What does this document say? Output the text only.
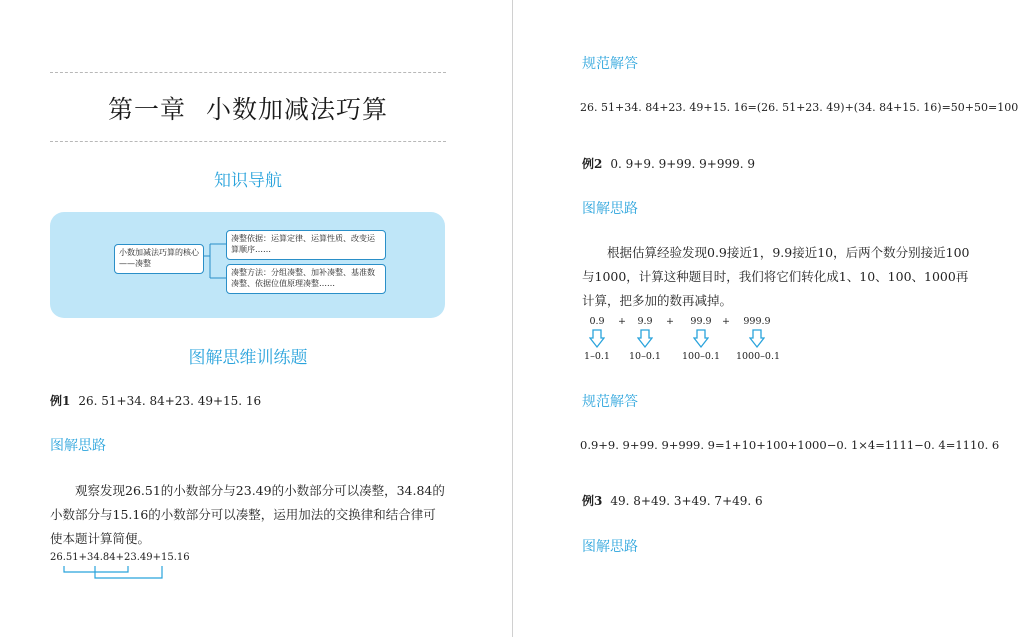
第一章 小数加减法巧算
知识导航
小数加减法巧算的核心——凑整
凑整依据：运算定律、运算性质、改变运算顺序……
凑整方法：分组凑整、加补凑整、基准数凑整、依据位值原理凑整……
图解思维训练题
例1 26. 51+34. 84+23. 49+15. 16
图解思路
观察发现26.51的小数部分与23.49的小数部分可以凑整，34.84的小数部分与15.16的小数部分可以凑整，运用加法的交换律和结合律可使本题计算简便。
26.51+34.84+23.49+15.16
规范解答
26. 51+34. 84+23. 49+15. 16=(26. 51+23. 49)+(34. 84+15. 16)=50+50=100
例2 0. 9+9. 9+99. 9+999. 9
图解思路
根据估算经验发现0.9接近1，9.9接近10，后两个数分别接近100与1000，计算这种题目时，我们将它们转化成1、10、100、1000再计算，把多加的数再减掉。
0.9	+	9.9	+	99.9	+	999.9
1–0.1	10–0.1	100–0.1	1000–0.1
规范解答
0.9+9. 9+99. 9+999. 9=1+10+100+1000−0. 1×4=1111−0. 4=1110. 6
例3 49. 8+49. 3+49. 7+49. 6
图解思路
